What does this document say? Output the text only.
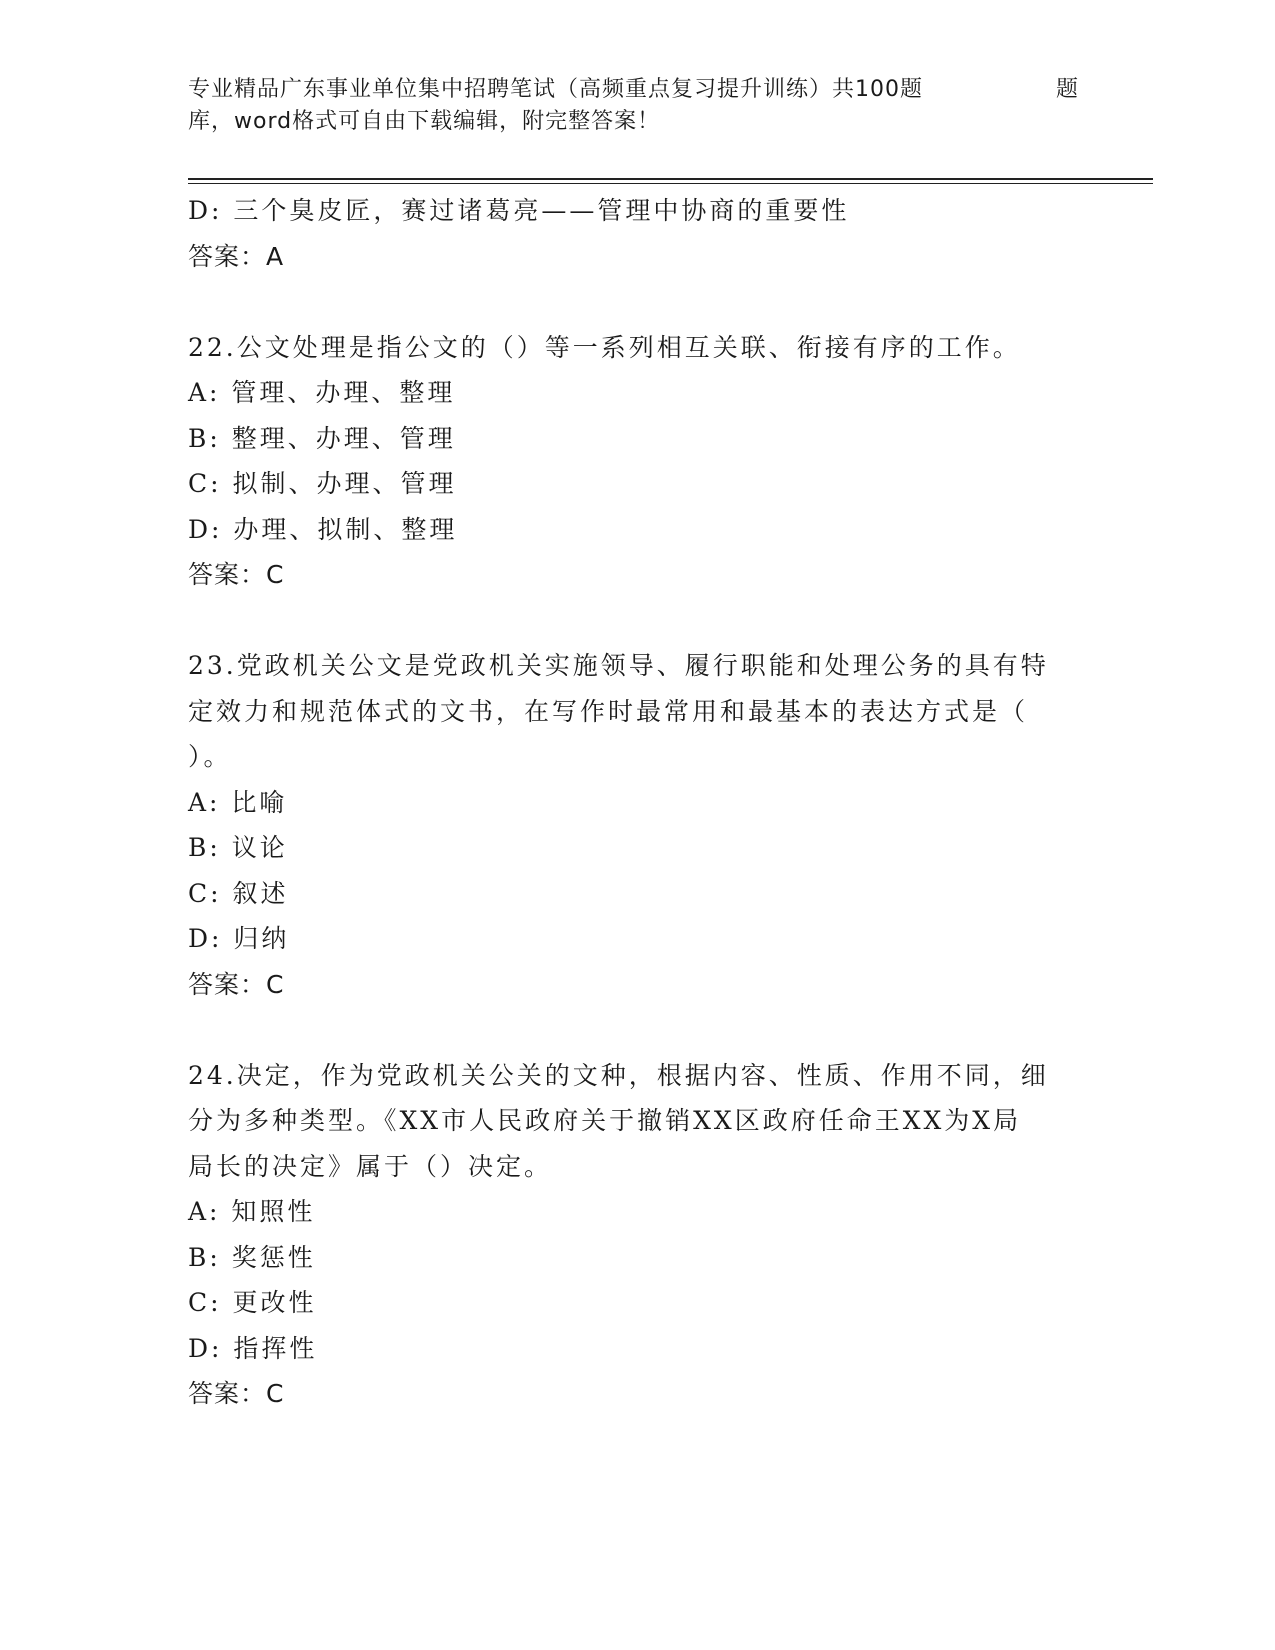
专业精品广东事业单位集中招聘笔试（高频重点复习提升训练）共100题	题
库，word格式可自由下载编辑，附完整答案！
D: 三个臭皮匠，赛过诸葛亮——管理中协商的重要性
答案：A
22.公文处理是指公文的（）等一系列相互关联、衔接有序的工作。
A: 管理、办理、整理
B: 整理、办理、管理
C: 拟制、办理、管理
D: 办理、拟制、整理
答案：C
23.党政机关公文是党政机关实施领导、履行职能和处理公务的具有特
定效力和规范体式的文书，在写作时最常用和最基本的表达方式是（
）。
A: 比喻
B: 议论
C: 叙述
D: 归纳
答案：C
24.决定，作为党政机关公关的文种，根据内容、性质、作用不同，细
分为多种类型。《XX市人民政府关于撤销XX区政府任命王XX为X局
局长的决定》属于（）决定。
A: 知照性
B: 奖惩性
C: 更改性
D: 指挥性
答案：C
